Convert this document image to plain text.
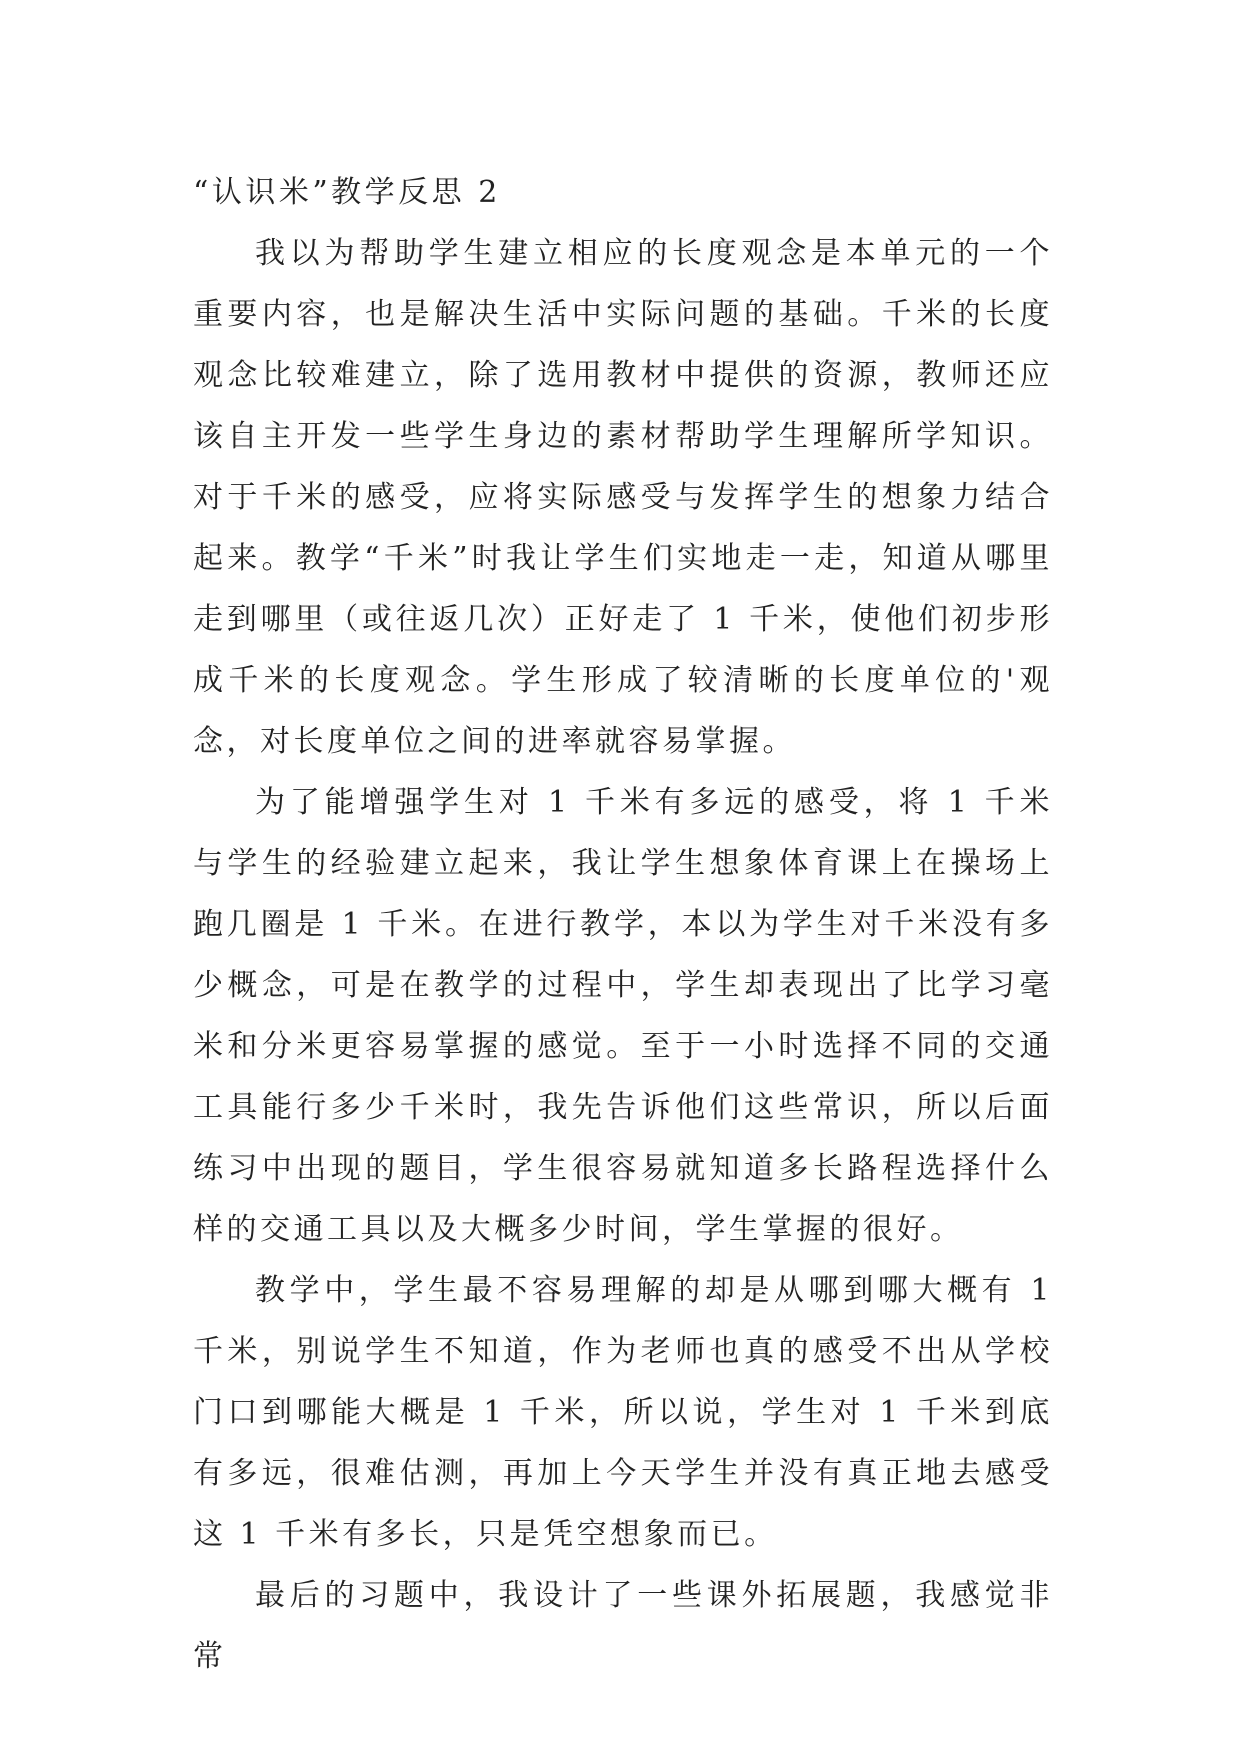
“认识米”教学反思 2

我以为帮助学生建立相应的长度观念是本单元的一个重要内容，也是解决生活中实际问题的基础。千米的长度观念比较难建立，除了选用教材中提供的资源，教师还应该自主开发一些学生身边的素材帮助学生理解所学知识。对于千米的感受，应将实际感受与发挥学生的想象力结合起来。教学“千米”时我让学生们实地走一走，知道从哪里走到哪里（或往返几次）正好走了 1 千米，使他们初步形成千米的长度观念。学生形成了较清晰的长度单位的'观念，对长度单位之间的进率就容易掌握。

为了能增强学生对 1 千米有多远的感受，将 1 千米与学生的经验建立起来，我让学生想象体育课上在操场上跑几圈是 1 千米。在进行教学，本以为学生对千米没有多少概念，可是在教学的过程中，学生却表现出了比学习毫米和分米更容易掌握的感觉。至于一小时选择不同的交通工具能行多少千米时，我先告诉他们这些常识，所以后面练习中出现的题目，学生很容易就知道多长路程选择什么样的交通工具以及大概多少时间，学生掌握的很好。

教学中，学生最不容易理解的却是从哪到哪大概有 1 千米，别说学生不知道，作为老师也真的感受不出从学校门口到哪能大概是 1 千米，所以说，学生对 1 千米到底有多远，很难估测，再加上今天学生并没有真正地去感受这 1 千米有多长，只是凭空想象而已。

最后的习题中，我设计了一些课外拓展题，我感觉非常
